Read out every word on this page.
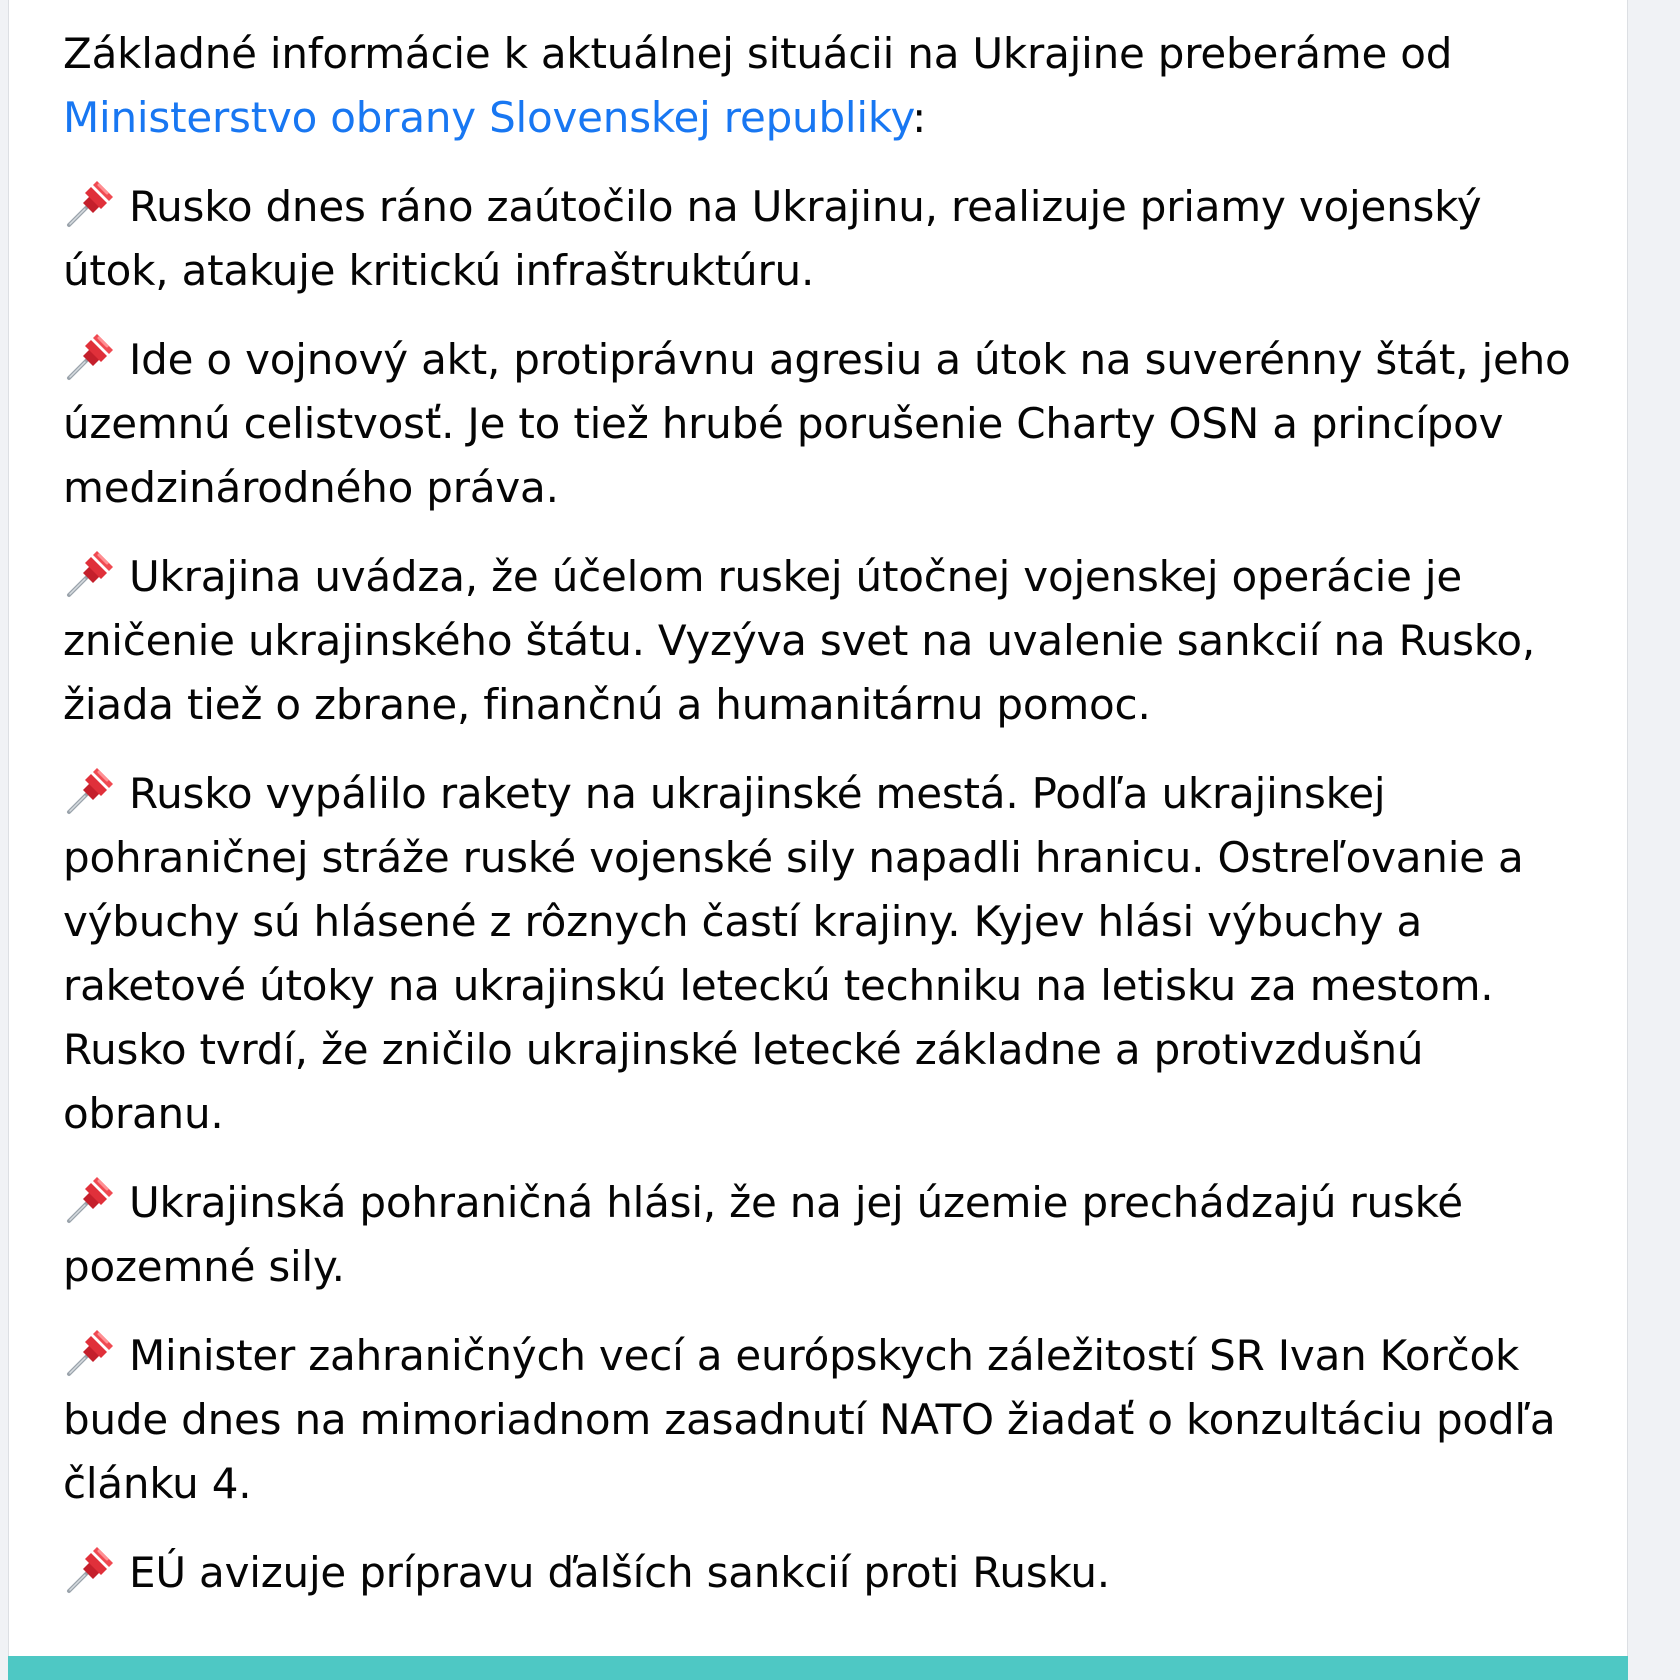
Základné informácie k aktuálnej situácii na Ukrajine preberáme od Ministerstvo obrany Slovenskej republiky:

Rusko dnes ráno zaútočilo na Ukrajinu, realizuje priamy vojenský útok, atakuje kritickú infraštruktúru.

Ide o vojnový akt, protiprávnu agresiu a útok na suverénny štát, jeho územnú celistvosť. Je to tiež hrubé porušenie Charty OSN a princípov medzinárodného práva.

Ukrajina uvádza, že účelom ruskej útočnej vojenskej operácie je zničenie ukrajinského štátu. Vyzýva svet na uvalenie sankcií na Rusko, žiada tiež o zbrane, finančnú a humanitárnu pomoc.

Rusko vypálilo rakety na ukrajinské mestá. Podľa ukrajinskej pohraničnej stráže ruské vojenské sily napadli hranicu. Ostreľovanie a výbuchy sú hlásené z rôznych častí krajiny. Kyjev hlási výbuchy a raketové útoky na ukrajinskú leteckú techniku na letisku za mestom. Rusko tvrdí, že zničilo ukrajinské letecké základne a protivzdušnú obranu.

Ukrajinská pohraničná hlási, že na jej územie prechádzajú ruské pozemné sily.

Minister zahraničných vecí a európskych záležitostí SR Ivan Korčok bude dnes na mimoriadnom zasadnutí NATO žiadať o konzultáciu podľa článku 4.

EÚ avizuje prípravu ďalších sankcií proti Rusku.
